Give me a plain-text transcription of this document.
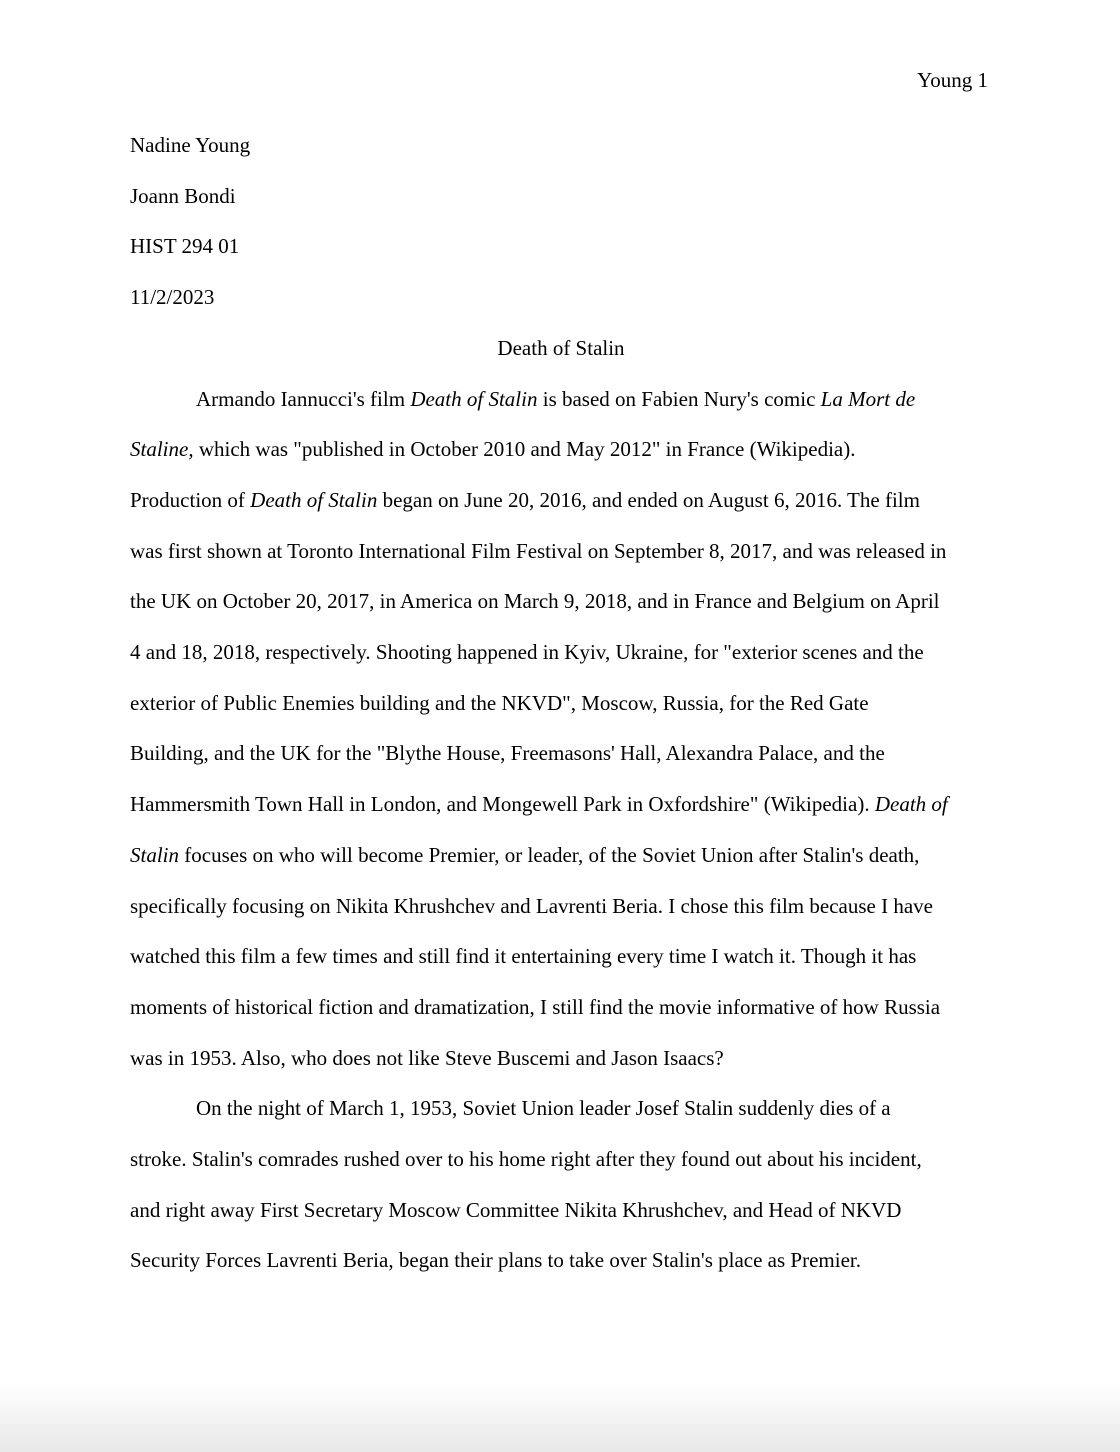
Young 1

Nadine Young

Joann Bondi

HIST 294 01

11/2/2023

Death of Stalin

Armando Iannucci's film Death of Stalin is based on Fabien Nury's comic La Mort de
Staline, which was "published in October 2010 and May 2012" in France (Wikipedia).
Production of Death of Stalin began on June 20, 2016, and ended on August 6, 2016. The film
was first shown at Toronto International Film Festival on September 8, 2017, and was released in
the UK on October 20, 2017, in America on March 9, 2018, and in France and Belgium on April
4 and 18, 2018, respectively. Shooting happened in Kyiv, Ukraine, for "exterior scenes and the
exterior of Public Enemies building and the NKVD", Moscow, Russia, for the Red Gate
Building, and the UK for the "Blythe House, Freemasons' Hall, Alexandra Palace, and the
Hammersmith Town Hall in London, and Mongewell Park in Oxfordshire" (Wikipedia). Death of
Stalin focuses on who will become Premier, or leader, of the Soviet Union after Stalin's death,
specifically focusing on Nikita Khrushchev and Lavrenti Beria. I chose this film because I have
watched this film a few times and still find it entertaining every time I watch it. Though it has
moments of historical fiction and dramatization, I still find the movie informative of how Russia
was in 1953. Also, who does not like Steve Buscemi and Jason Isaacs?

On the night of March 1, 1953, Soviet Union leader Josef Stalin suddenly dies of a
stroke. Stalin's comrades rushed over to his home right after they found out about his incident,
and right away First Secretary Moscow Committee Nikita Khrushchev, and Head of NKVD
Security Forces Lavrenti Beria, began their plans to take over Stalin's place as Premier.
